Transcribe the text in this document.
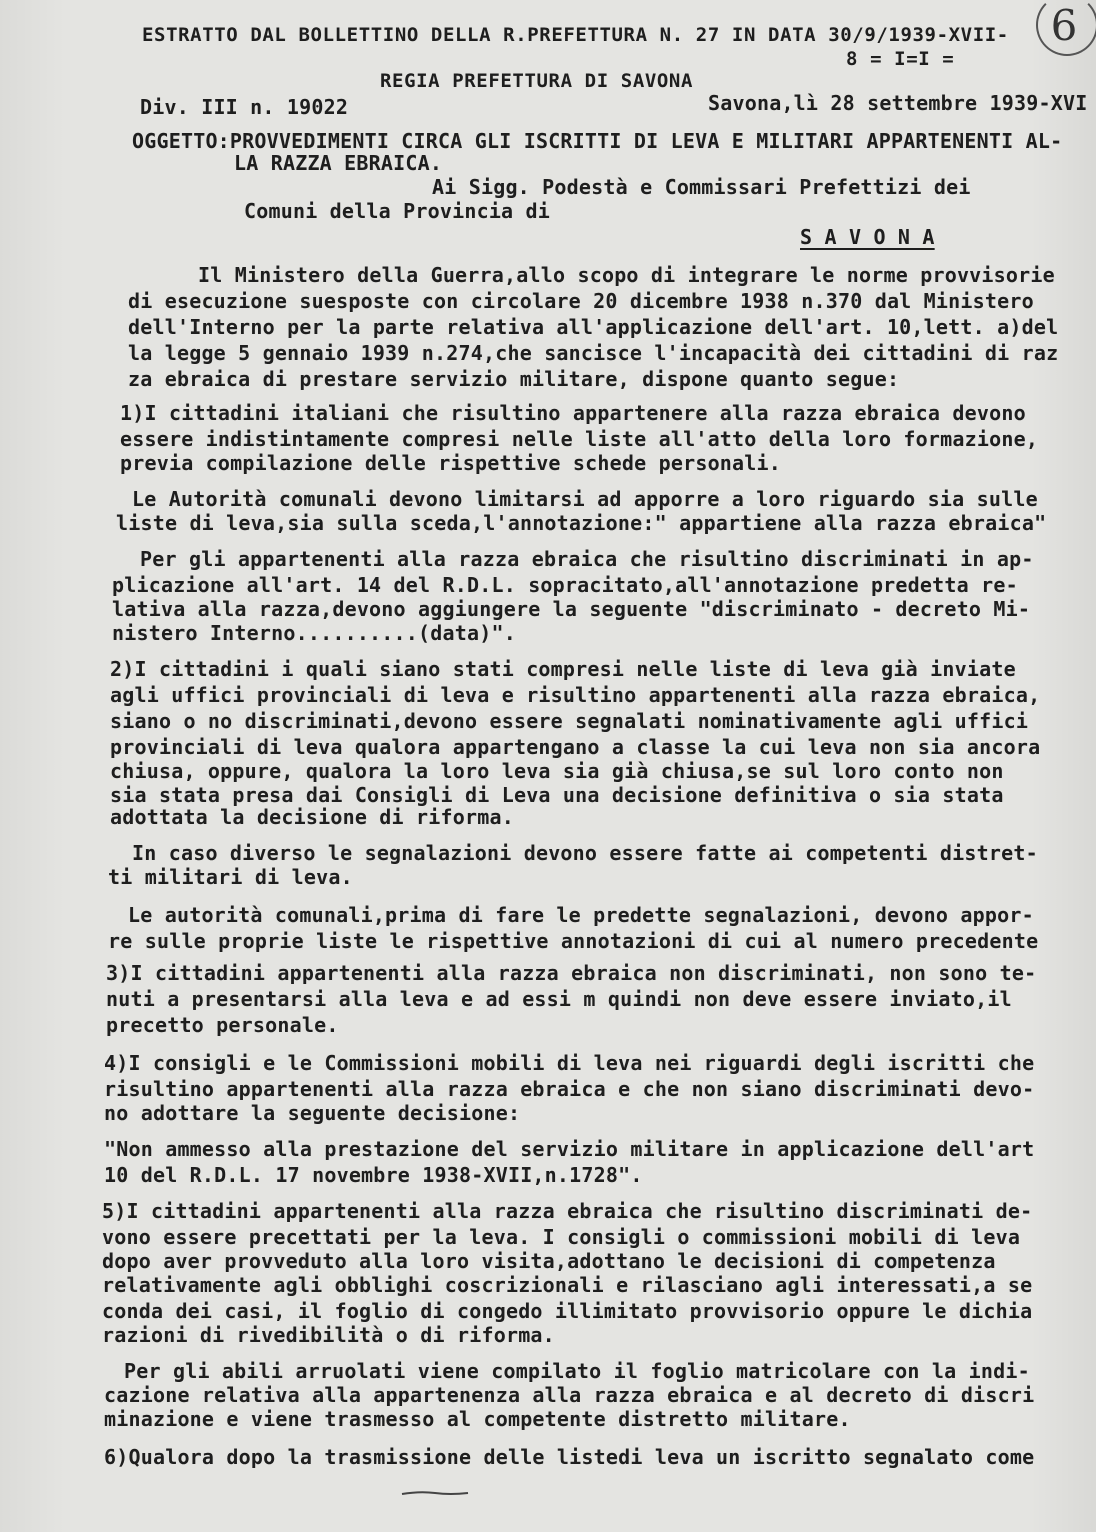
6
ESTRATTO DAL BOLLETTINO DELLA R.PREFETTURA N. 27 IN DATA 30/9/1939-XVII-
8 = I=I =
REGIA PREFETTURA DI SAVONA
Div. III n. 19022	Savona,lì 28 settembre 1939-XVI
OGGETTO:PROVVEDIMENTI CIRCA GLI ISCRITTI DI LEVA E MILITARI APPARTENENTI AL-
LA RAZZA EBRAICA.
Ai Sigg. Podestà e Commissari Prefettizi dei
Comuni della Provincia di
S A V O N A
Il Ministero della Guerra,allo scopo di integrare le norme provvisorie
di esecuzione suesposte con circolare 20 dicembre 1938 n.370 dal Ministero
dell'Interno per la parte relativa all'applicazione dell'art. 10,lett. a)del
la legge 5 gennaio 1939 n.274,che sancisce l'incapacità dei cittadini di raz
za ebraica di prestare servizio militare, dispone quanto segue:
1)I cittadini italiani che risultino appartenere alla razza ebraica devono
essere indistintamente compresi nelle liste all'atto della loro formazione,
previa compilazione delle rispettive schede personali.
Le Autorità comunali devono limitarsi ad apporre a loro riguardo sia sulle
liste di leva,sia sulla sceda,l'annotazione:" appartiene alla razza ebraica"
Per gli appartenenti alla razza ebraica che risultino discriminati in ap-
plicazione all'art. 14 del R.D.L. sopracitato,all'annotazione predetta re-
lativa alla razza,devono aggiungere la seguente "discriminato - decreto Mi-
nistero Interno..........(data)".
2)I cittadini i quali siano stati compresi nelle liste di leva già inviate
agli uffici provinciali di leva e risultino appartenenti alla razza ebraica,
siano o no discriminati,devono essere segnalati nominativamente agli uffici
provinciali di leva qualora appartengano a classe la cui leva non sia ancora
chiusa, oppure, qualora la loro leva sia già chiusa,se sul loro conto non
sia stata presa dai Consigli di Leva una decisione definitiva o sia stata
adottata la decisione di riforma.
In caso diverso le segnalazioni devono essere fatte ai competenti distret-
ti militari di leva.
Le autorità comunali,prima di fare le predette segnalazioni, devono appor-
re sulle proprie liste le rispettive annotazioni di cui al numero precedente
3)I cittadini appartenenti alla razza ebraica non discriminati, non sono te-
nuti a presentarsi alla leva e ad essi m quindi non deve essere inviato,il
precetto personale.
4)I consigli e le Commissioni mobili di leva nei riguardi degli iscritti che
risultino appartenenti alla razza ebraica e che non siano discriminati devo-
no adottare la seguente decisione:
"Non ammesso alla prestazione del servizio militare in applicazione dell'art
10 del R.D.L. 17 novembre 1938-XVII,n.1728".
5)I cittadini appartenenti alla razza ebraica che risultino discriminati de-
vono essere precettati per la leva. I consigli o commissioni mobili di leva
dopo aver provveduto alla loro visita,adottano le decisioni di competenza
relativamente agli obblighi coscrizionali e rilasciano agli interessati,a se
conda dei casi, il foglio di congedo illimitato provvisorio oppure le dichia
razioni di rivedibilità o di riforma.
Per gli abili arruolati viene compilato il foglio matricolare con la indi-
cazione relativa alla appartenenza alla razza ebraica e al decreto di discri
minazione e viene trasmesso al competente distretto militare.
6)Qualora dopo la trasmissione delle listedi leva un iscritto segnalato come
